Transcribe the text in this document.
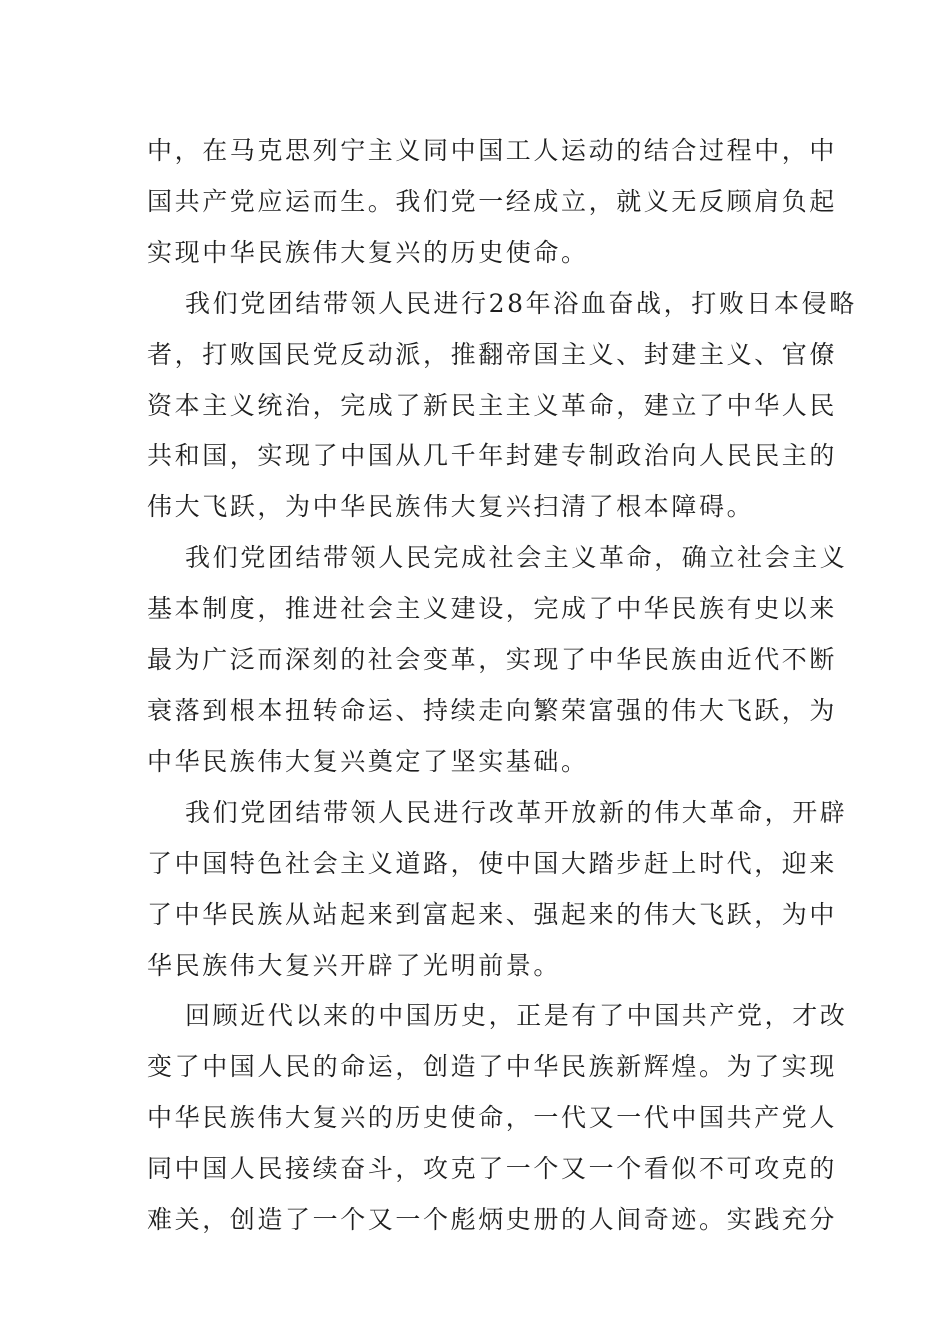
中，在马克思列宁主义同中国工人运动的结合过程中，中
国共产党应运而生。我们党一经成立，就义无反顾肩负起
实现中华民族伟大复兴的历史使命。
我们党团结带领人民进行28年浴血奋战，打败日本侵略
者，打败国民党反动派，推翻帝国主义、封建主义、官僚
资本主义统治，完成了新民主主义革命，建立了中华人民
共和国，实现了中国从几千年封建专制政治向人民民主的
伟大飞跃，为中华民族伟大复兴扫清了根本障碍。
我们党团结带领人民完成社会主义革命，确立社会主义
基本制度，推进社会主义建设，完成了中华民族有史以来
最为广泛而深刻的社会变革，实现了中华民族由近代不断
衰落到根本扭转命运、持续走向繁荣富强的伟大飞跃，为
中华民族伟大复兴奠定了坚实基础。
我们党团结带领人民进行改革开放新的伟大革命，开辟
了中国特色社会主义道路，使中国大踏步赶上时代，迎来
了中华民族从站起来到富起来、强起来的伟大飞跃，为中
华民族伟大复兴开辟了光明前景。
回顾近代以来的中国历史，正是有了中国共产党，才改
变了中国人民的命运，创造了中华民族新辉煌。为了实现
中华民族伟大复兴的历史使命，一代又一代中国共产党人
同中国人民接续奋斗，攻克了一个又一个看似不可攻克的
难关，创造了一个又一个彪炳史册的人间奇迹。实践充分
